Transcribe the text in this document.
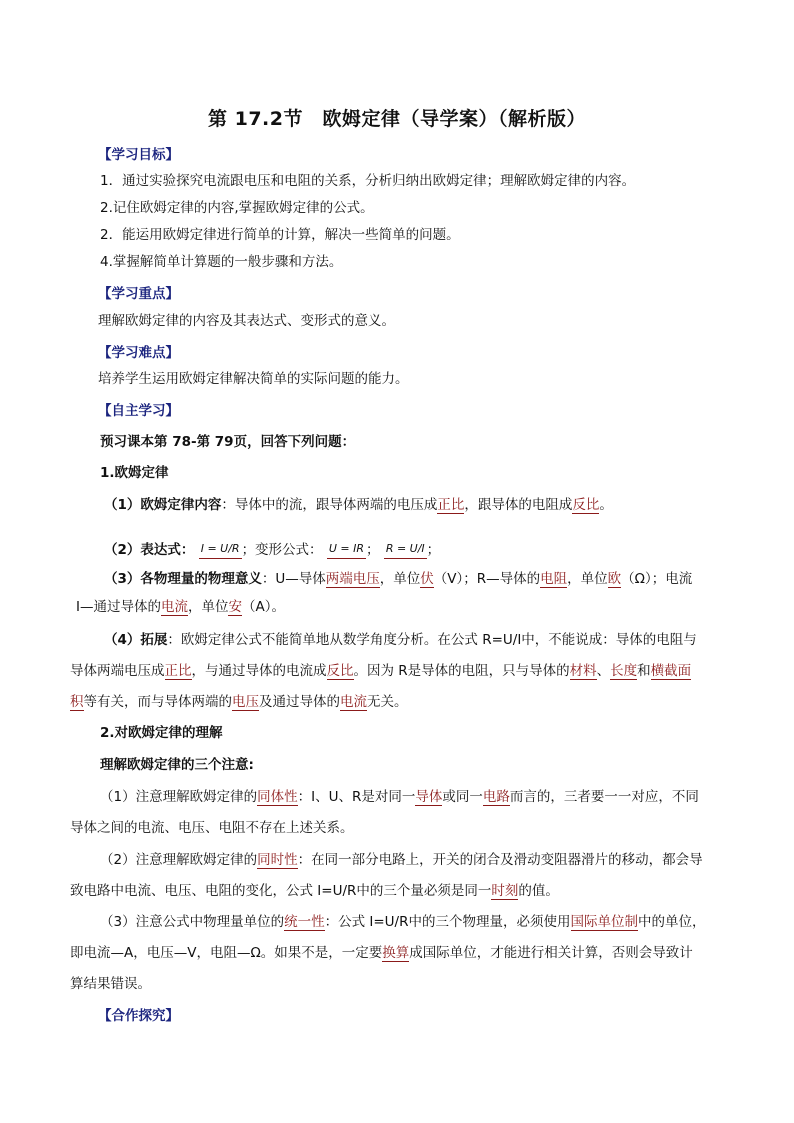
第 17.2节　欧姆定律（导学案）（解析版）
【学习目标】
1．通过实验探究电流跟电压和电阻的关系，分析归纳出欧姆定律；理解欧姆定律的内容。
2.记住欧姆定律的内容,掌握欧姆定律的公式。
2．能运用欧姆定律进行简单的计算，解决一些简单的问题。
4.掌握解简单计算题的一般步骤和方法。
【学习重点】
理解欧姆定律的内容及其表达式、变形式的意义。
【学习难点】
培养学生运用欧姆定律解决简单的实际问题的能力。
【自主学习】
预习课本第 78-第 79页，回答下列问题：
1.欧姆定律
（1）欧姆定律内容：导体中的流，跟导体两端的电压成正比，跟导体的电阻成反比。
（2）表达式： I = U/R ；变形公式： U = IR ； R = U/I ；
（3）各物理量的物理意义：U—导体两端电压，单位伏（V）；R—导体的电阻，单位欧（Ω）；电流
I—通过导体的电流，单位安（A）。
（4）拓展：欧姆定律公式不能简单地从数学角度分析。在公式 R=U/I中，不能说成：导体的电阻与
导体两端电压成正比，与通过导体的电流成反比。因为 R是导体的电阻，只与导体的材料、长度和横截面
积等有关，而与导体两端的电压及通过导体的电流无关。
2.对欧姆定律的理解
理解欧姆定律的三个注意:
（1）注意理解欧姆定律的同体性：I、U、R是对同一导体或同一电路而言的，三者要一一对应，不同
导体之间的电流、电压、电阻不存在上述关系。
（2）注意理解欧姆定律的同时性：在同一部分电路上，开关的闭合及滑动变阻器滑片的移动，都会导
致电路中电流、电压、电阻的变化，公式 I=U/R中的三个量必须是同一时刻的值。
（3）注意公式中物理量单位的统一性：公式 I=U/R中的三个物理量，必须使用国际单位制中的单位，
即电流—A，电压—V，电阻—Ω。如果不是，一定要换算成国际单位，才能进行相关计算，否则会导致计
算结果错误。
【合作探究】
